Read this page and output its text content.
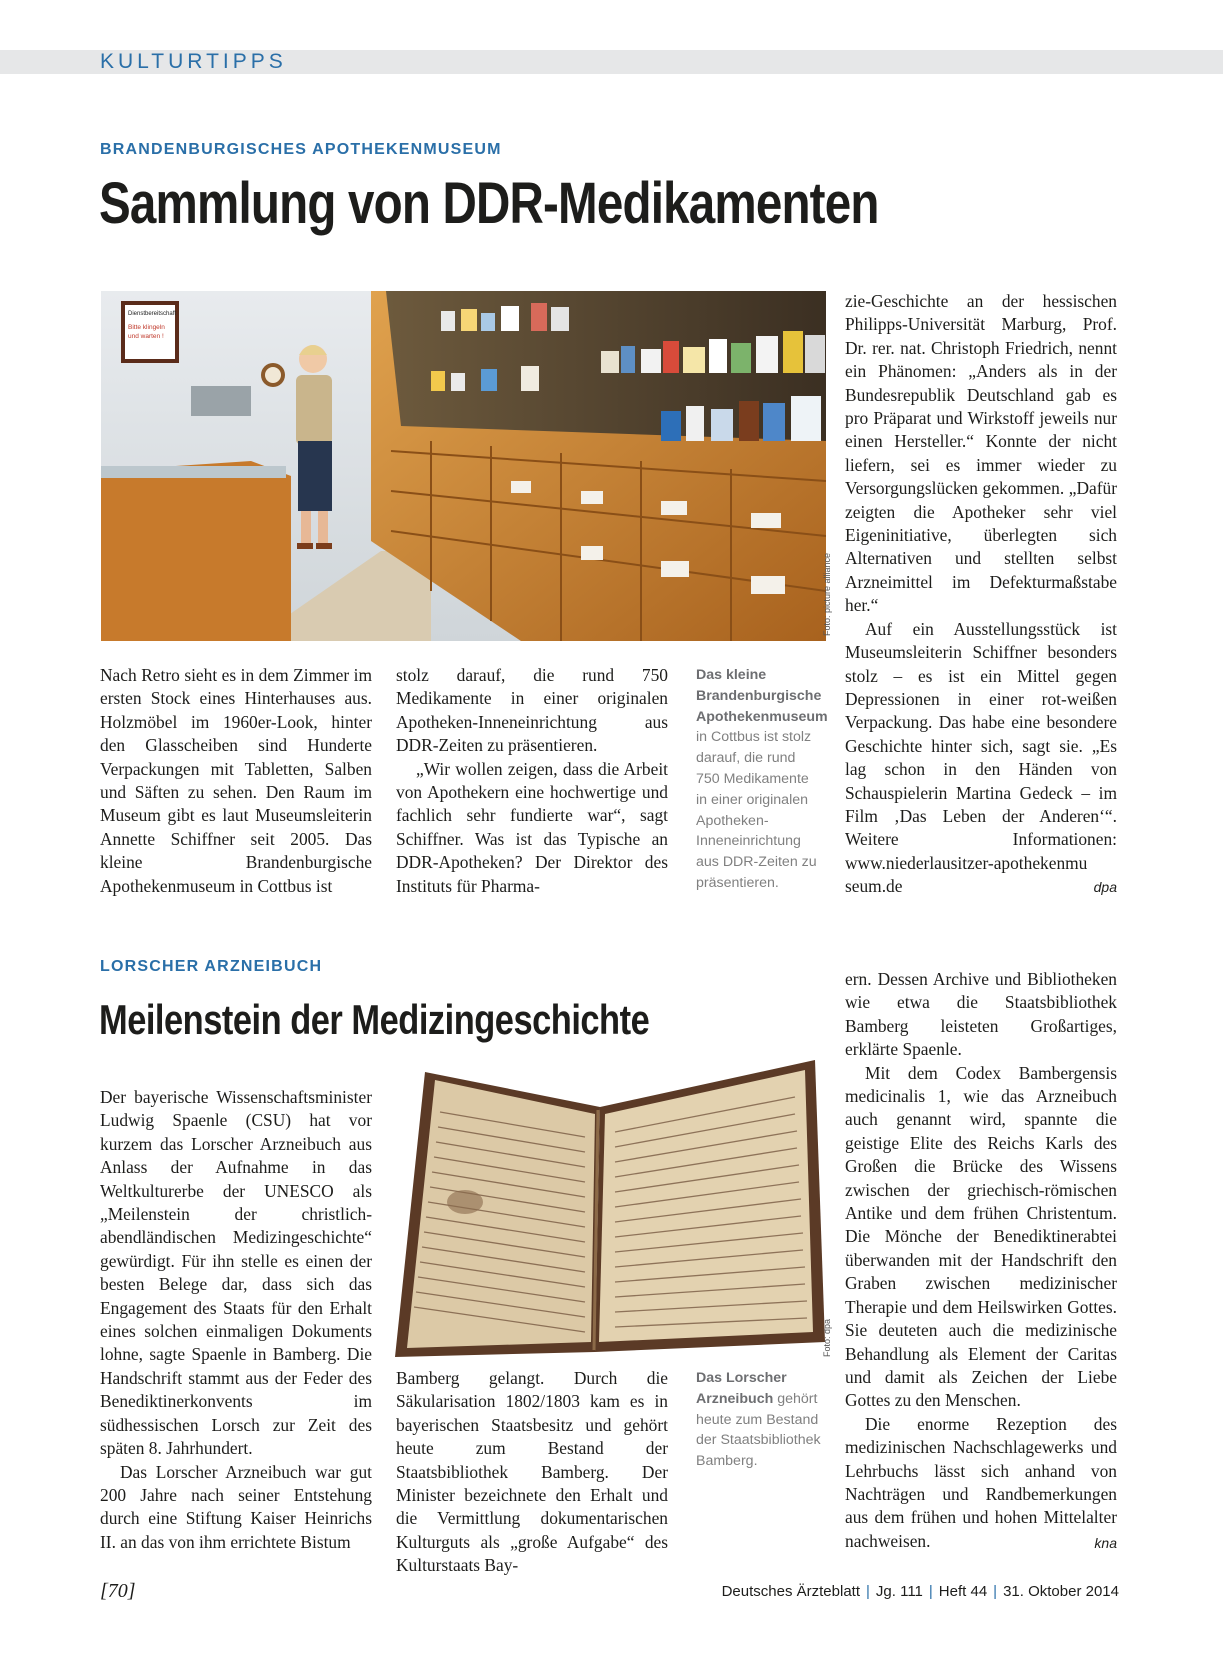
KULTURTIPPS
BRANDENBURGISCHES APOTHEKENMUSEUM
Sammlung von DDR-Medikamenten
Dienstbereitschaft
Bitte klingeln
und warten !
Foto: picture alliance

Nach Retro sieht es in dem Zimmer im ersten Stock eines Hinterhauses aus. Holzmöbel im 1960er-Look, hinter den Glasscheiben sind Hunderte Verpackungen mit Tabletten, Salben und Säften zu sehen. Den Raum im Museum gibt es laut Museumsleiterin Annette Schiffner seit 2005. Das kleine Brandenburgische Apothekenmuseum in Cottbus ist

stolz darauf, die rund 750 Medikamente in einer originalen Apotheken-Inneneinrichtung aus DDR-Zeiten zu präsentieren.

„Wir wollen zeigen, dass die Arbeit von Apothekern eine hochwertige und fachlich sehr fundierte war“, sagt Schiffner. Was ist das Typische an DDR-Apotheken? Der Direktor des Instituts für Pharma-

Das kleine Brandenburgische Apothekenmuseum in Cottbus ist stolz darauf, die rund 750 Medikamente in einer originalen Apotheken-Inneneinrichtung aus DDR-Zeiten zu präsentieren.

zie-Geschichte an der hessischen Philipps-Universität Marburg, Prof. Dr. rer. nat. Christoph Friedrich, nennt ein Phänomen: „Anders als in der Bundesrepublik Deutschland gab es pro Präparat und Wirkstoff jeweils nur einen Hersteller.“ Konnte der nicht liefern, sei es immer wieder zu Versorgungslücken gekommen. „Dafür zeigten die Apotheker sehr viel Eigeninitiative, überlegten sich Alternativen und stellten selbst Arzneimittel im Defekturmaßstabe her.“

Auf ein Ausstellungsstück ist Museumsleiterin Schiffner besonders stolz – es ist ein Mittel gegen Depressionen in einer rot-weißen Verpackung. Das habe eine besondere Geschichte hinter sich, sagt sie. „Es lag schon in den Händen von Schauspielerin Martina Gedeck – im Film ‚Das Leben der Anderen‘“. Weitere Informationen: www.niederlausitzer-apothekenmu

seum.de	dpa

LORSCHER ARZNEIBUCH
Meilenstein der Medizingeschichte
Foto: dpa

Der bayerische Wissenschaftsminister Ludwig Spaenle (CSU) hat vor kurzem das Lorscher Arzneibuch aus Anlass der Aufnahme in das Weltkulturerbe der UNESCO als „Meilenstein der christlich-abendländischen Medizingeschichte“ gewürdigt. Für ihn stelle es einen der besten Belege dar, dass sich das Engagement des Staats für den Erhalt eines solchen einmaligen Dokuments lohne, sagte Spaenle in Bamberg. Die Handschrift stammt aus der Feder des Benediktinerkonvents im südhessischen Lorsch zur Zeit des späten 8. Jahrhundert.

Das Lorscher Arzneibuch war gut 200 Jahre nach seiner Entstehung durch eine Stiftung Kaiser Heinrichs II. an das von ihm errichtete Bistum

Bamberg gelangt. Durch die Säkularisation 1802/1803 kam es in bayerischen Staatsbesitz und gehört heute zum Bestand der Staatsbibliothek Bamberg. Der Minister bezeichnete den Erhalt und die Vermittlung dokumentarischen Kulturguts als „große Aufgabe“ des Kulturstaats Bay-

Das Lorscher Arzneibuch gehört heute zum Bestand der Staatsbibliothek Bamberg.

ern. Dessen Archive und Bibliotheken wie etwa die Staatsbibliothek Bamberg leisteten Großartiges, erklärte Spaenle.

Mit dem Codex Bambergensis medicinalis 1, wie das Arzneibuch auch genannt wird, spannte die geistige Elite des Reichs Karls des Großen die Brücke des Wissens zwischen der griechisch-römischen Antike und dem frühen Christentum. Die Mönche der Benediktinerabtei überwanden mit der Handschrift den Graben zwischen medizinischer Therapie und dem Heilswirken Gottes. Sie deuteten auch die medizinische Behandlung als Element der Caritas und damit als Zeichen der Liebe Gottes zu den Menschen.

Die enorme Rezeption des medizinischen Nachschlagewerks und Lehrbuchs lässt sich anhand von Nachträgen und Randbemerkungen aus dem frühen und hohen Mittelalter nachweisen.	kna

[70]	Deutsches Ärzteblatt | Jg. 111 | Heft 44 | 31. Oktober 2014
